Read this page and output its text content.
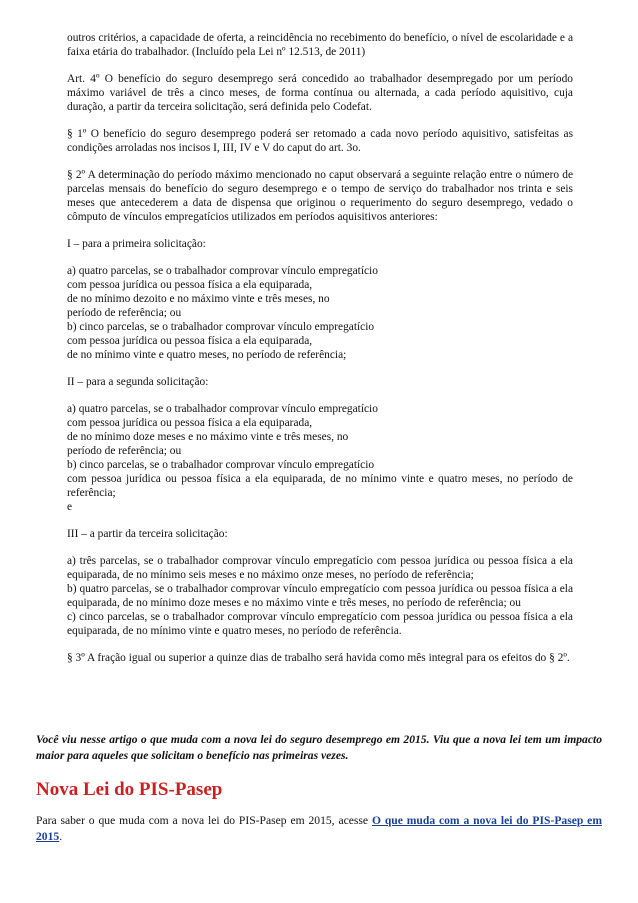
outros critérios, a capacidade de oferta, a reincidência no recebimento do benefício, o nível de escolaridade e a faixa etária do trabalhador. (Incluído pela Lei nº 12.513, de 2011)

Art. 4º O benefício do seguro desemprego será concedido ao trabalhador desempregado por um período máximo variável de três a cinco meses, de forma contínua ou alternada, a cada período aquisitivo, cuja duração, a partir da terceira solicitação, será definida pelo Codefat.

§ 1º O benefício do seguro desemprego poderá ser retomado a cada novo período aquisitivo, satisfeitas as condições arroladas nos incisos I, III, IV e V do caput do art. 3o.

§ 2º A determinação do período máximo mencionado no caput observará a seguinte relação entre o número de parcelas mensais do benefício do seguro desemprego e o tempo de serviço do trabalhador nos trinta e seis meses que antecederem a data de dispensa que originou o requerimento do seguro desemprego, vedado o cômputo de vínculos empregatícios utilizados em períodos aquisitivos anteriores:

I – para a primeira solicitação:

a) quatro parcelas, se o trabalhador comprovar vínculo empregatício

com pessoa jurídica ou pessoa física a ela equiparada,

de no mínimo dezoito e no máximo vinte e três meses, no

período de referência; ou

b) cinco parcelas, se o trabalhador comprovar vínculo empregatício

com pessoa jurídica ou pessoa física a ela equiparada,

de no mínimo vinte e quatro meses, no período de referência;

II – para a segunda solicitação:

a) quatro parcelas, se o trabalhador comprovar vínculo empregatício

com pessoa jurídica ou pessoa física a ela equiparada,

de no mínimo doze meses e no máximo vinte e três meses, no

período de referência; ou

b) cinco parcelas, se o trabalhador comprovar vínculo empregatício

com pessoa jurídica ou pessoa física a ela equiparada, de no mínimo vinte e quatro meses, no período de referência;

e

III – a partir da terceira solicitação:

a) três parcelas, se o trabalhador comprovar vínculo empregatício com pessoa jurídica ou pessoa física a ela equiparada, de no mínimo seis meses e no máximo onze meses, no período de referência;

b) quatro parcelas, se o trabalhador comprovar vínculo empregatício com pessoa jurídica ou pessoa física a ela equiparada, de no mínimo doze meses e no máximo vinte e três meses, no período de referência; ou

c) cinco parcelas, se o trabalhador comprovar vínculo empregatício com pessoa jurídica ou pessoa física a ela equiparada, de no mínimo vinte e quatro meses, no período de referência.

§ 3º A fração igual ou superior a quinze dias de trabalho será havida como mês integral para os efeitos do § 2º.

Você viu nesse artigo o que muda com a nova lei do seguro desemprego em 2015. Viu que a nova lei tem um impacto maior para aqueles que solicitam o benefício nas primeiras vezes.

Nova Lei do PIS-Pasep

Para saber o que muda com a nova lei do PIS-Pasep em 2015, acesse O que muda com a nova lei do PIS-Pasep em 2015.
